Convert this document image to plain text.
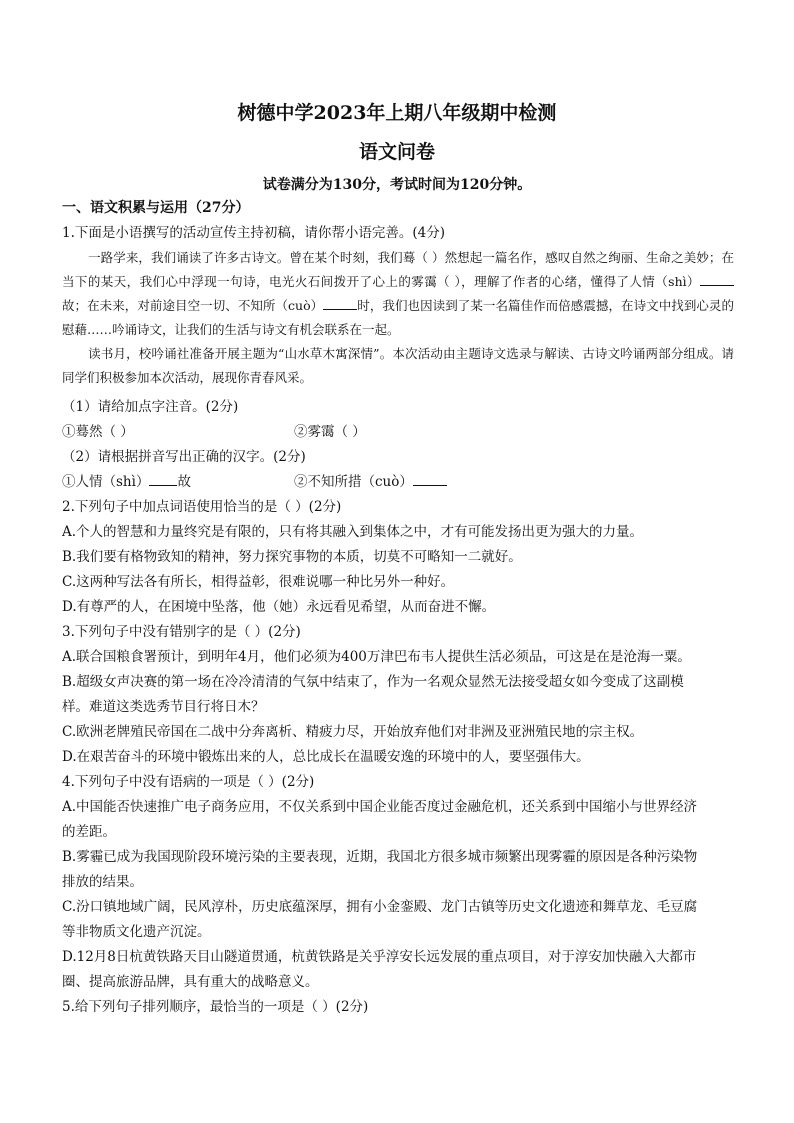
树德中学2023年上期八年级期中检测
语文问卷
试卷满分为130分，考试时间为120分钟。
一、语文积累与运用（27分）
1.下面是小语撰写的活动宣传主持初稿，请你帮小语完善。(4分)
一路学来，我们诵读了许多古诗文。曾在某个时刻，我们蓦（ ）然想起一篇名作，感叹自然之绚丽、生命之美妙；在当下的某天，我们心中浮现一句诗，电光火石间拨开了心上的雾霭（ ），理解了作者的心绪，懂得了人情（shì）故；在未来，对前途目空一切、不知所（cuò）	时，我们也因读到了某一名篇佳作而倍感震撼，在诗文中找到心灵的慰藉……吟诵诗文，让我们的生活与诗文有机会联系在一起。
读书月，校吟诵社准备开展主题为“山水草木寓深情”。本次活动由主题诗文选录与解读、古诗文吟诵两部分组成。请同学们积极参加本次活动，展现你青春风采。
（1）请给加点字注音。(2分)
①蓦然（ ）	②雾霭（ ）
（2）请根据拼音写出正确的汉字。(2分)
①人情（shì） 故	②不知所措（cuò）
2.下列句子中加点词语使用恰当的是（ ）(2分)
A.个人的智慧和力量终究是有限的，只有将其融入到集体之中，才有可能发扬出更为强大的力量。
B.我们要有格物致知的精神，努力探究事物的本质，切莫不可略知一二就好。
C.这两种写法各有所长，相得益彰，很难说哪一种比另外一种好。
D.有尊严的人，在困境中坠落，他（她）永远看见希望，从而奋进不懈。
3.下列句子中没有错别字的是（ ）(2分)
A.联合国粮食署预计，到明年4月，他们必须为400万津巴布韦人提供生活必须品，可这是在是沧海一粟。
B.超级女声决赛的第一场在冷冷清清的气氛中结束了，作为一名观众显然无法接受超女如今变成了这副模
样。难道这类选秀节目行将日木？
C.欧洲老牌殖民帝国在二战中分奔离析、精疲力尽，开始放弃他们对非洲及亚洲殖民地的宗主权。
D.在艰苦奋斗的环境中锻炼出来的人，总比成长在温暖安逸的环境中的人，要坚强伟大。
4.下列句子中没有语病的一项是（ ）(2分)
A.中国能否快速推广电子商务应用，不仅关系到中国企业能否度过金融危机，还关系到中国缩小与世界经济
的差距。
B.雾霾已成为我国现阶段环境污染的主要表现，近期，我国北方很多城市频繁出现雾霾的原因是各种污染物
排放的结果。
C.汾口镇地域广阔，民风淳朴，历史底蕴深厚，拥有小金銮殿、龙门古镇等历史文化遗迹和舞草龙、毛豆腐
等非物质文化遗产沉淀。
D.12月8日杭黄铁路天目山隧道贯通，杭黄铁路是关乎淳安长远发展的重点项目，对于淳安加快融入大都市
圈、提高旅游品牌，具有重大的战略意义。
5.给下列句子排列顺序，最恰当的一项是（ ）(2分)
